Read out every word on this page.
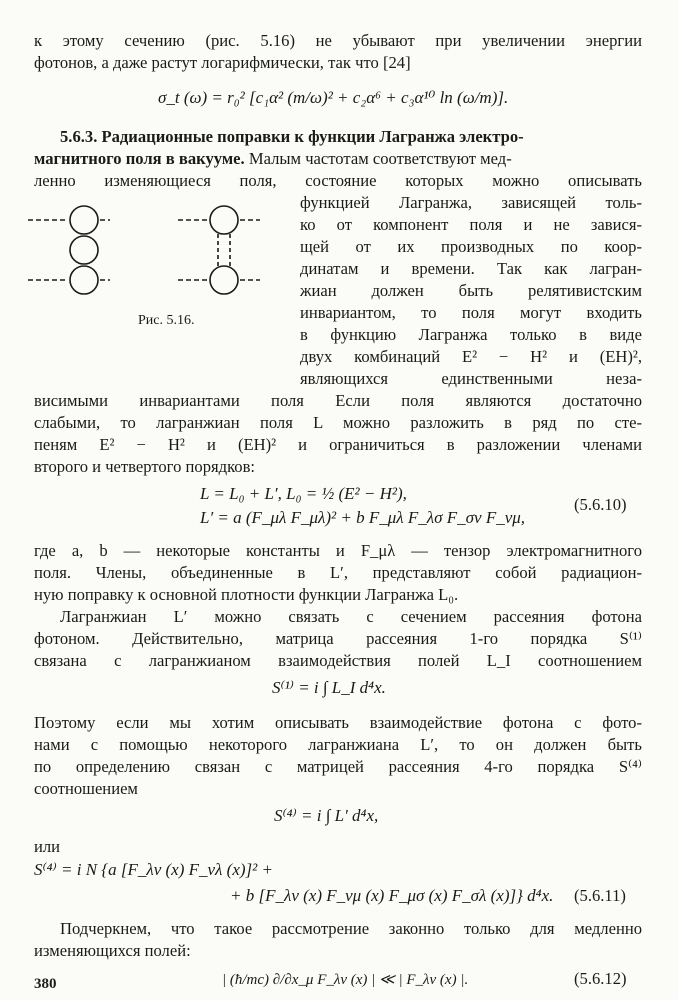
к этому сечению (рис. 5.16) не убывают при увеличении энергии
фотонов, а даже растут логарифмически, так что [24]
σ_t (ω) = r₀² [c₁α² (m/ω)² + c₂α⁶ + c₃α¹⁰ ln (ω/m)].
5.6.3. Радиационные поправки к функции Лагранжа электро-
магнитного поля в вакууме. Малым частотам соответствуют мед-
ленно изменяющиеся поля, состояние которых можно описывать
Рис. 5.16.
функцией Лагранжа, зависящей толь-
ко от компонент поля и не завися-
щей от их производных по коор-
динатам и времени. Так как лагран-
жиан должен быть релятивистским
инвариантом, то поля могут входить
в функцию Лагранжа только в виде
двух комбинаций E² − H² и (EH)²,
являющихся единственными неза-
висимыми инвариантами поля Если поля являются достаточно
слабыми, то лагранжиан поля L можно разложить в ряд по сте-
пеням E² − H² и (EH)² и ограничиться в разложении членами
второго и четвертого порядков:
L = L₀ + L′, L₀ = ½ (E² − H²),
L′ = a (F_μλ F_μλ)² + b F_μλ F_λσ F_σν F_νμ,
(5.6.10)
где a, b — некоторые константы и F_μλ — тензор электромагнитного
поля. Члены, объединенные в L′, представляют собой радиацион-
ную поправку к основной плотности функции Лагранжа L₀.
Лагранжиан L′ можно связать с сечением рассеяния фотона
фотоном. Действительно, матрица рассеяния 1-го порядка S⁽¹⁾
связана с лагранжианом взаимодействия полей L_I соотношением
S⁽¹⁾ = i ∫ L_I d⁴x.
Поэтому если мы хотим описывать взаимодействие фотона с фото-
нами с помощью некоторого лагранжиана L′, то он должен быть
по определению связан с матрицей рассеяния 4-го порядка S⁽⁴⁾
соотношением
S⁽⁴⁾ = i ∫ L′ d⁴x,
или
S⁽⁴⁾ = i N {a [F_λν (x) F_νλ (x)]² +
+ b [F_λν (x) F_νμ (x) F_μσ (x) F_σλ (x)]} d⁴x. (5.6.11)
Подчеркнем, что такое рассмотрение законно только для медленно
изменяющихся полей:
| (ħ/mc) ∂/∂x_μ F_λν (x) | ≪ | F_λν (x) |.	(5.6.12)
380
